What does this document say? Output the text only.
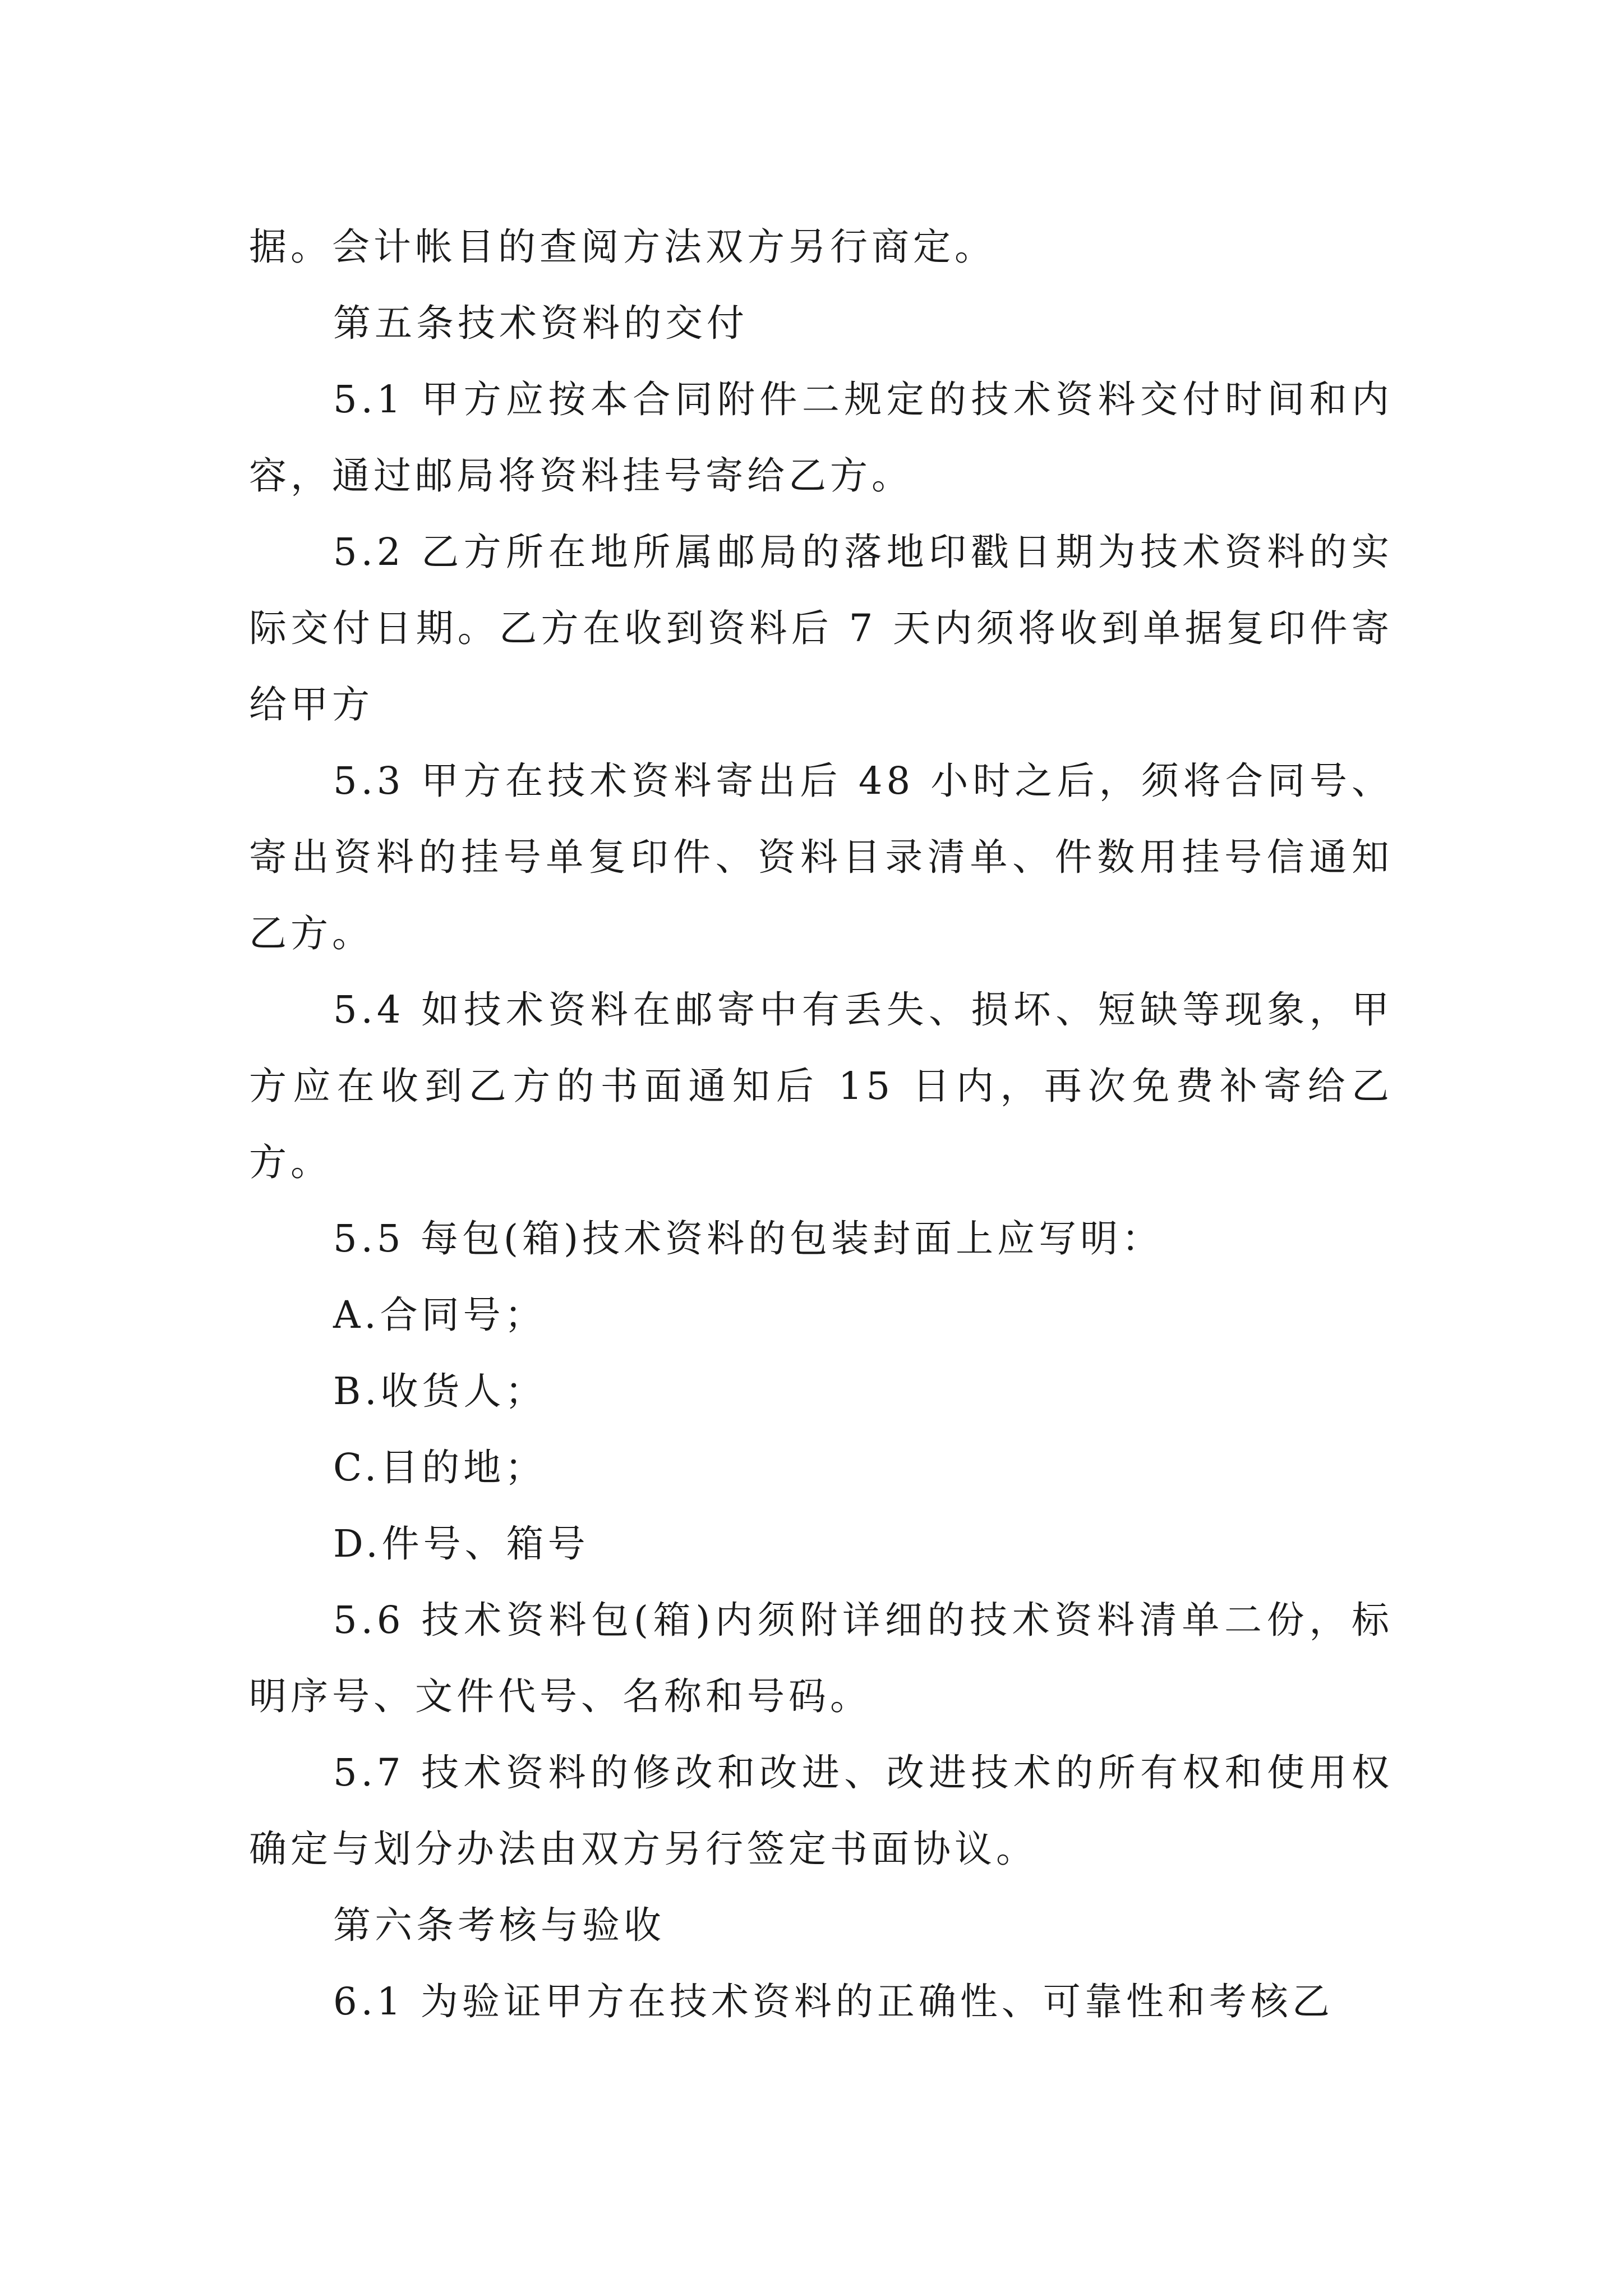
据。会计帐目的查阅方法双方另行商定。

第五条技术资料的交付

5.1 甲方应按本合同附件二规定的技术资料交付时间和内容，通过邮局将资料挂号寄给乙方。

5.2 乙方所在地所属邮局的落地印戳日期为技术资料的实际交付日期。乙方在收到资料后 7 天内须将收到单据复印件寄给甲方

5.3 甲方在技术资料寄出后 48 小时之后，须将合同号、寄出资料的挂号单复印件、资料目录清单、件数用挂号信通知乙方。

5.4 如技术资料在邮寄中有丢失、损坏、短缺等现象，甲方应在收到乙方的书面通知后 15 日内，再次免费补寄给乙方。

5.5 每包(箱)技术资料的包装封面上应写明：

A.合同号；

B.收货人；

C.目的地；

D.件号、箱号

5.6 技术资料包(箱)内须附详细的技术资料清单二份，标明序号、文件代号、名称和号码。

5.7 技术资料的修改和改进、改进技术的所有权和使用权确定与划分办法由双方另行签定书面协议。

第六条考核与验收

6.1 为验证甲方在技术资料的正确性、可靠性和考核乙
